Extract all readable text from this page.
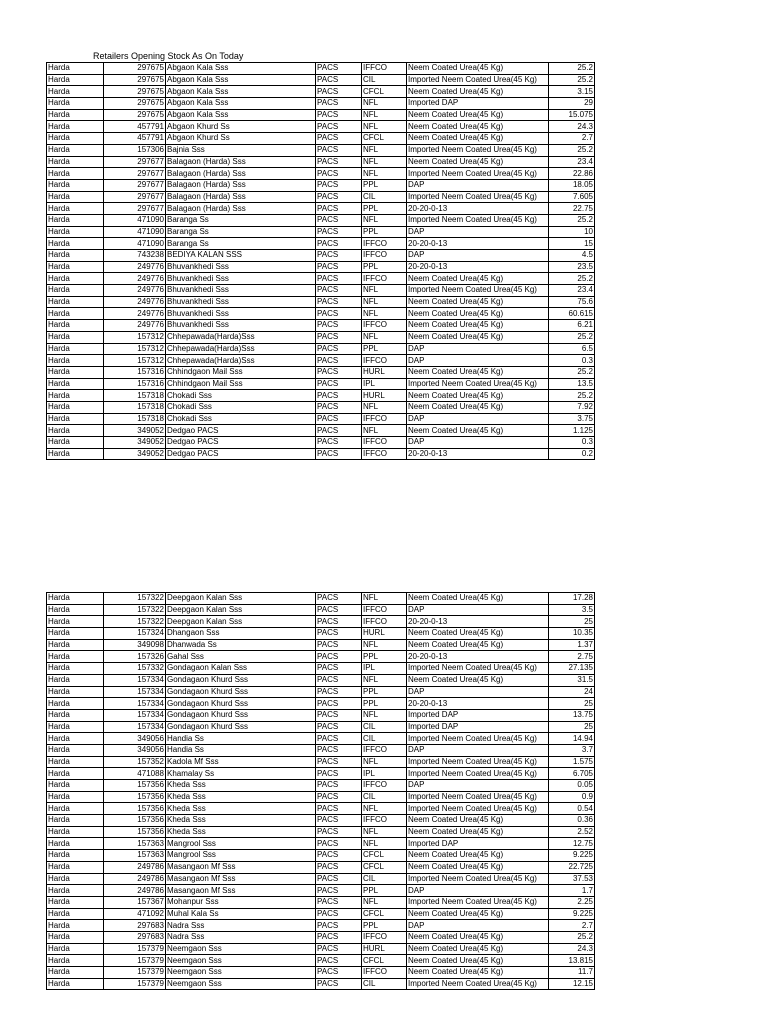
Retailers Opening Stock As On Today
Harda	297675	Abgaon Kala Sss	PACS	IFFCO	Neem Coated Urea(45 Kg)	25.2
Harda	297675	Abgaon Kala Sss	PACS	CIL	Imported Neem Coated Urea(45 Kg)	25.2
Harda	297675	Abgaon Kala Sss	PACS	CFCL	Neem Coated Urea(45 Kg)	3.15
Harda	297675	Abgaon Kala Sss	PACS	NFL	Imported DAP	29
Harda	297675	Abgaon Kala Sss	PACS	NFL	Neem Coated Urea(45 Kg)	15.075
Harda	457791	Abgaon Khurd Ss	PACS	NFL	Neem Coated Urea(45 Kg)	24.3
Harda	457791	Abgaon Khurd Ss	PACS	CFCL	Neem Coated Urea(45 Kg)	2.7
Harda	157306	Bajnia Sss	PACS	NFL	Imported Neem Coated Urea(45 Kg)	25.2
Harda	297677	Balagaon (Harda) Sss	PACS	NFL	Neem Coated Urea(45 Kg)	23.4
Harda	297677	Balagaon (Harda) Sss	PACS	NFL	Imported Neem Coated Urea(45 Kg)	22.86
Harda	297677	Balagaon (Harda) Sss	PACS	PPL	DAP	18.05
Harda	297677	Balagaon (Harda) Sss	PACS	CIL	Imported Neem Coated Urea(45 Kg)	7.605
Harda	297677	Balagaon (Harda) Sss	PACS	PPL	20-20-0-13	22.75
Harda	471090	Baranga Ss	PACS	NFL	Imported Neem Coated Urea(45 Kg)	25.2
Harda	471090	Baranga Ss	PACS	PPL	DAP	10
Harda	471090	Baranga Ss	PACS	IFFCO	20-20-0-13	15
Harda	743238	BEDIYA KALAN SSS	PACS	IFFCO	DAP	4.5
Harda	249776	Bhuvankhedi Sss	PACS	PPL	20-20-0-13	23.5
Harda	249776	Bhuvankhedi Sss	PACS	IFFCO	Neem Coated Urea(45 Kg)	25.2
Harda	249776	Bhuvankhedi Sss	PACS	NFL	Imported Neem Coated Urea(45 Kg)	23.4
Harda	249776	Bhuvankhedi Sss	PACS	NFL	Neem Coated Urea(45 Kg)	75.6
Harda	249776	Bhuvankhedi Sss	PACS	NFL	Neem Coated Urea(45 Kg)	60.615
Harda	249776	Bhuvankhedi Sss	PACS	IFFCO	Neem Coated Urea(45 Kg)	6.21
Harda	157312	Chhepawada(Harda)Sss	PACS	NFL	Neem Coated Urea(45 Kg)	25.2
Harda	157312	Chhepawada(Harda)Sss	PACS	PPL	DAP	6.5
Harda	157312	Chhepawada(Harda)Sss	PACS	IFFCO	DAP	0.3
Harda	157316	Chhindgaon Mail Sss	PACS	HURL	Neem Coated Urea(45 Kg)	25.2
Harda	157316	Chhindgaon Mail Sss	PACS	IPL	Imported Neem Coated Urea(45 Kg)	13.5
Harda	157318	Chokadi Sss	PACS	HURL	Neem Coated Urea(45 Kg)	25.2
Harda	157318	Chokadi Sss	PACS	NFL	Neem Coated Urea(45 Kg)	7.92
Harda	157318	Chokadi Sss	PACS	IFFCO	DAP	3.75
Harda	349052	Dedgao PACS	PACS	NFL	Neem Coated Urea(45 Kg)	1.125
Harda	349052	Dedgao PACS	PACS	IFFCO	DAP	0.3
Harda	349052	Dedgao PACS	PACS	IFFCO	20-20-0-13	0.2
Harda	157322	Deepgaon Kalan Sss	PACS	NFL	Neem Coated Urea(45 Kg)	17.28
Harda	157322	Deepgaon Kalan Sss	PACS	IFFCO	DAP	3.5
Harda	157322	Deepgaon Kalan Sss	PACS	IFFCO	20-20-0-13	25
Harda	157324	Dhangaon Sss	PACS	HURL	Neem Coated Urea(45 Kg)	10.35
Harda	349098	Dhanwada Ss	PACS	NFL	Neem Coated Urea(45 Kg)	1.37
Harda	157326	Gahal Sss	PACS	PPL	20-20-0-13	2.75
Harda	157332	Gondagaon Kalan Sss	PACS	IPL	Imported Neem Coated Urea(45 Kg)	27.135
Harda	157334	Gondagaon Khurd Sss	PACS	NFL	Neem Coated Urea(45 Kg)	31.5
Harda	157334	Gondagaon Khurd Sss	PACS	PPL	DAP	24
Harda	157334	Gondagaon Khurd Sss	PACS	PPL	20-20-0-13	25
Harda	157334	Gondagaon Khurd Sss	PACS	NFL	Imported DAP	13.75
Harda	157334	Gondagaon Khurd Sss	PACS	CIL	Imported DAP	25
Harda	349056	Handia Ss	PACS	CIL	Imported Neem Coated Urea(45 Kg)	14.94
Harda	349056	Handia Ss	PACS	IFFCO	DAP	3.7
Harda	157352	Kadola Mf Sss	PACS	NFL	Imported Neem Coated Urea(45 Kg)	1.575
Harda	471088	Khamalay Ss	PACS	IPL	Imported Neem Coated Urea(45 Kg)	6.705
Harda	157356	Kheda Sss	PACS	IFFCO	DAP	0.05
Harda	157356	Kheda Sss	PACS	CIL	Imported Neem Coated Urea(45 Kg)	0.9
Harda	157356	Kheda Sss	PACS	NFL	Imported Neem Coated Urea(45 Kg)	0.54
Harda	157356	Kheda Sss	PACS	IFFCO	Neem Coated Urea(45 Kg)	0.36
Harda	157356	Kheda Sss	PACS	NFL	Neem Coated Urea(45 Kg)	2.52
Harda	157363	Mangrool Sss	PACS	NFL	Imported DAP	12.75
Harda	157363	Mangrool Sss	PACS	CFCL	Neem Coated Urea(45 Kg)	9.225
Harda	249786	Masangaon Mf Sss	PACS	CFCL	Neem Coated Urea(45 Kg)	22.725
Harda	249786	Masangaon Mf Sss	PACS	CIL	Imported Neem Coated Urea(45 Kg)	37.53
Harda	249786	Masangaon Mf Sss	PACS	PPL	DAP	1.7
Harda	157367	Mohanpur Sss	PACS	NFL	Imported Neem Coated Urea(45 Kg)	2.25
Harda	471092	Muhal Kala Ss	PACS	CFCL	Neem Coated Urea(45 Kg)	9.225
Harda	297683	Nadra Sss	PACS	PPL	DAP	2.7
Harda	297683	Nadra Sss	PACS	IFFCO	Neem Coated Urea(45 Kg)	25.2
Harda	157379	Neemgaon Sss	PACS	HURL	Neem Coated Urea(45 Kg)	24.3
Harda	157379	Neemgaon Sss	PACS	CFCL	Neem Coated Urea(45 Kg)	13.815
Harda	157379	Neemgaon Sss	PACS	IFFCO	Neem Coated Urea(45 Kg)	11.7
Harda	157379	Neemgaon Sss	PACS	CIL	Imported Neem Coated Urea(45 Kg)	12.15
